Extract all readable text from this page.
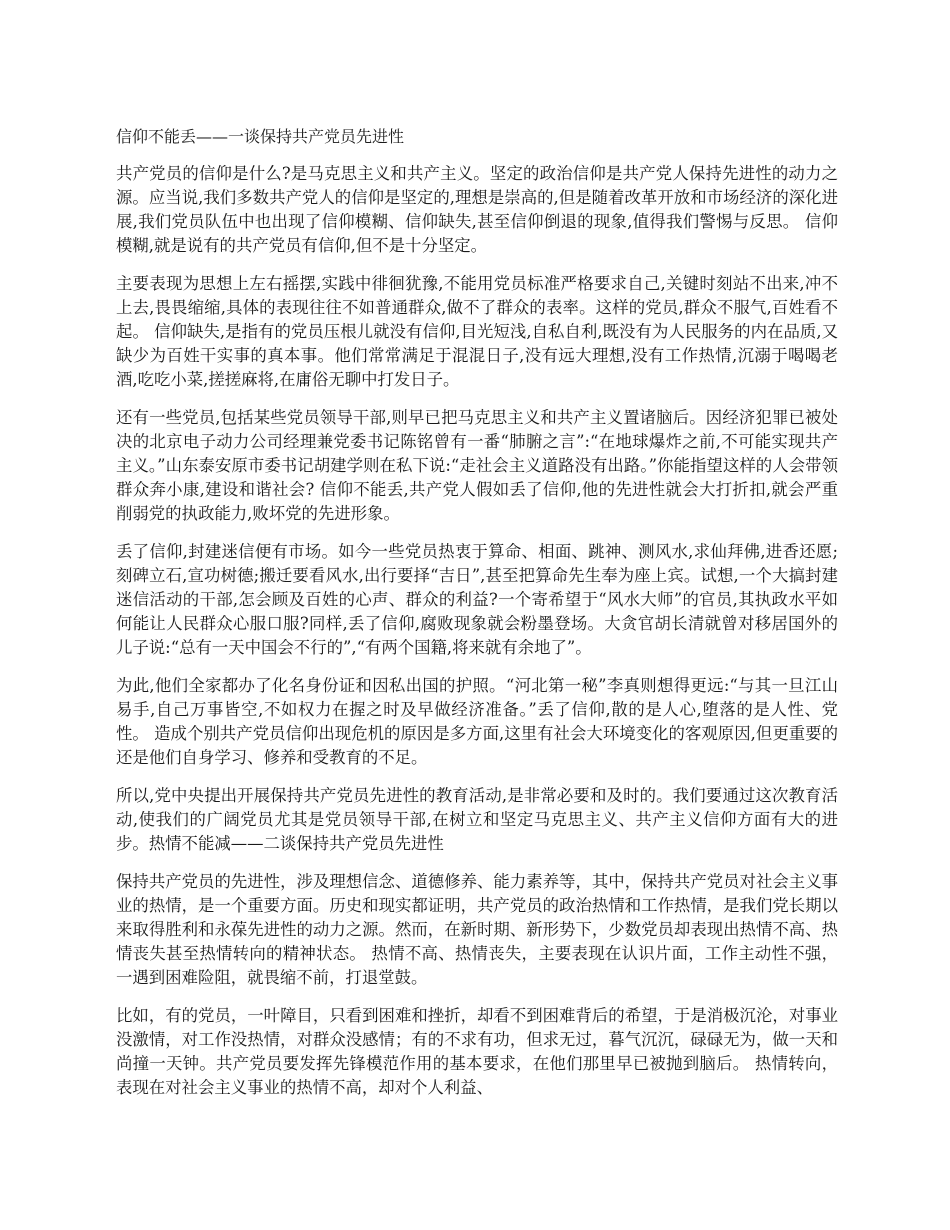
信仰不能丢——一谈保持共产党员先进性

共产党员的信仰是什么?是马克思主义和共产主义。坚定的政治信仰是共产党人保持先进性的动力之源。应当说,我们多数共产党人的信仰是坚定的,理想是崇高的,但是随着改革开放和市场经济的深化进展,我们党员队伍中也出现了信仰模糊、信仰缺失,甚至信仰倒退的现象,值得我们警惕与反思。 信仰模糊,就是说有的共产党员有信仰,但不是十分坚定。

主要表现为思想上左右摇摆,实践中徘徊犹豫,不能用党员标准严格要求自己,关键时刻站不出来,冲不上去,畏畏缩缩,具体的表现往往不如普通群众,做不了群众的表率。这样的党员,群众不服气,百姓看不起。 信仰缺失,是指有的党员压根儿就没有信仰,目光短浅,自私自利,既没有为人民服务的内在品质,又缺少为百姓干实事的真本事。他们常常满足于混混日子,没有远大理想,没有工作热情,沉溺于喝喝老酒,吃吃小菜,搓搓麻将,在庸俗无聊中打发日子。

还有一些党员,包括某些党员领导干部,则早已把马克思主义和共产主义置诸脑后。因经济犯罪已被处决的北京电子动力公司经理兼党委书记陈铭曾有一番“肺腑之言”:“在地球爆炸之前,不可能实现共产主义。”山东泰安原市委书记胡建学则在私下说:“走社会主义道路没有出路。”你能指望这样的人会带领群众奔小康,建设和谐社会? 信仰不能丢,共产党人假如丢了信仰,他的先进性就会大打折扣,就会严重削弱党的执政能力,败坏党的先进形象。

丢了信仰,封建迷信便有市场。如今一些党员热衷于算命、相面、跳神、测风水,求仙拜佛,进香还愿;刻碑立石,宣功树德;搬迁要看风水,出行要择“吉日”,甚至把算命先生奉为座上宾。试想,一个大搞封建迷信活动的干部,怎会顾及百姓的心声、群众的利益?一个寄希望于“风水大师”的官员,其执政水平如何能让人民群众心服口服?同样,丢了信仰,腐败现象就会粉墨登场。大贪官胡长清就曾对移居国外的儿子说:“总有一天中国会不行的”,“有两个国籍,将来就有余地了”。

为此,他们全家都办了化名身份证和因私出国的护照。“河北第一秘”李真则想得更远:“与其一旦江山易手,自己万事皆空,不如权力在握之时及早做经济准备。”丢了信仰,散的是人心,堕落的是人性、党性。 造成个别共产党员信仰出现危机的原因是多方面,这里有社会大环境变化的客观原因,但更重要的还是他们自身学习、修养和受教育的不足。

所以,党中央提出开展保持共产党员先进性的教育活动,是非常必要和及时的。我们要通过这次教育活动,使我们的广阔党员尤其是党员领导干部,在树立和坚定马克思主义、共产主义信仰方面有大的进步。热情不能减——二谈保持共产党员先进性

保持共产党员的先进性，涉及理想信念、道德修养、能力素养等，其中，保持共产党员对社会主义事业的热情，是一个重要方面。历史和现实都证明，共产党员的政治热情和工作热情，是我们党长期以来取得胜利和永葆先进性的动力之源。然而，在新时期、新形势下，少数党员却表现出热情不高、热情丧失甚至热情转向的精神状态。 热情不高、热情丧失，主要表现在认识片面，工作主动性不强，一遇到困难险阻，就畏缩不前，打退堂鼓。

比如，有的党员，一叶障目，只看到困难和挫折，却看不到困难背后的希望，于是消极沉沦，对事业没激情，对工作没热情，对群众没感情；有的不求有功，但求无过，暮气沉沉，碌碌无为，做一天和尚撞一天钟。共产党员要发挥先锋模范作用的基本要求，在他们那里早已被抛到脑后。 热情转向，表现在对社会主义事业的热情不高，却对个人利益、
